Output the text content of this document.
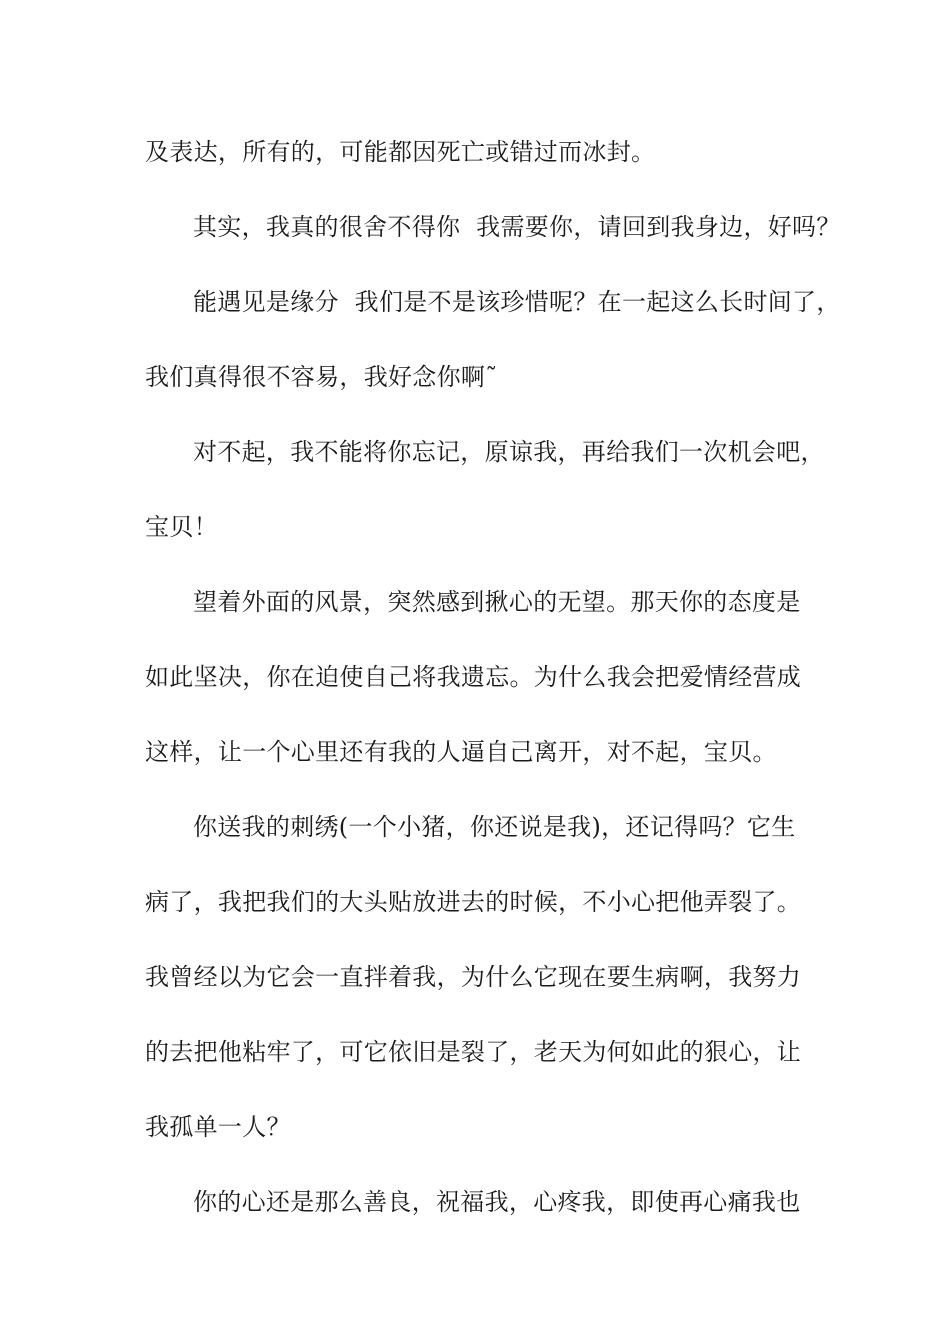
及表达，所有的，可能都因死亡或错过而冰封。
其实，我真的很舍不得你  我需要你，请回到我身边，好吗？
能遇见是缘分  我们是不是该珍惜呢？在一起这么长时间了，
我们真得很不容易，我好念你啊˜
对不起，我不能将你忘记，原谅我，再给我们一次机会吧，
宝贝！
望着外面的风景，突然感到揪心的无望。那天你的态度是
如此坚决，你在迫使自己将我遗忘。为什么我会把爱情经营成
这样，让一个心里还有我的人逼自己离开，对不起，宝贝。
你送我的刺绣(一个小猪，你还说是我)，还记得吗？它生
病了，我把我们的大头贴放进去的时候，不小心把他弄裂了。
我曾经以为它会一直拌着我，为什么它现在要生病啊，我努力
的去把他粘牢了，可它依旧是裂了，老天为何如此的狠心，让
我孤单一人？
你的心还是那么善良，祝福我，心疼我，即使再心痛我也
